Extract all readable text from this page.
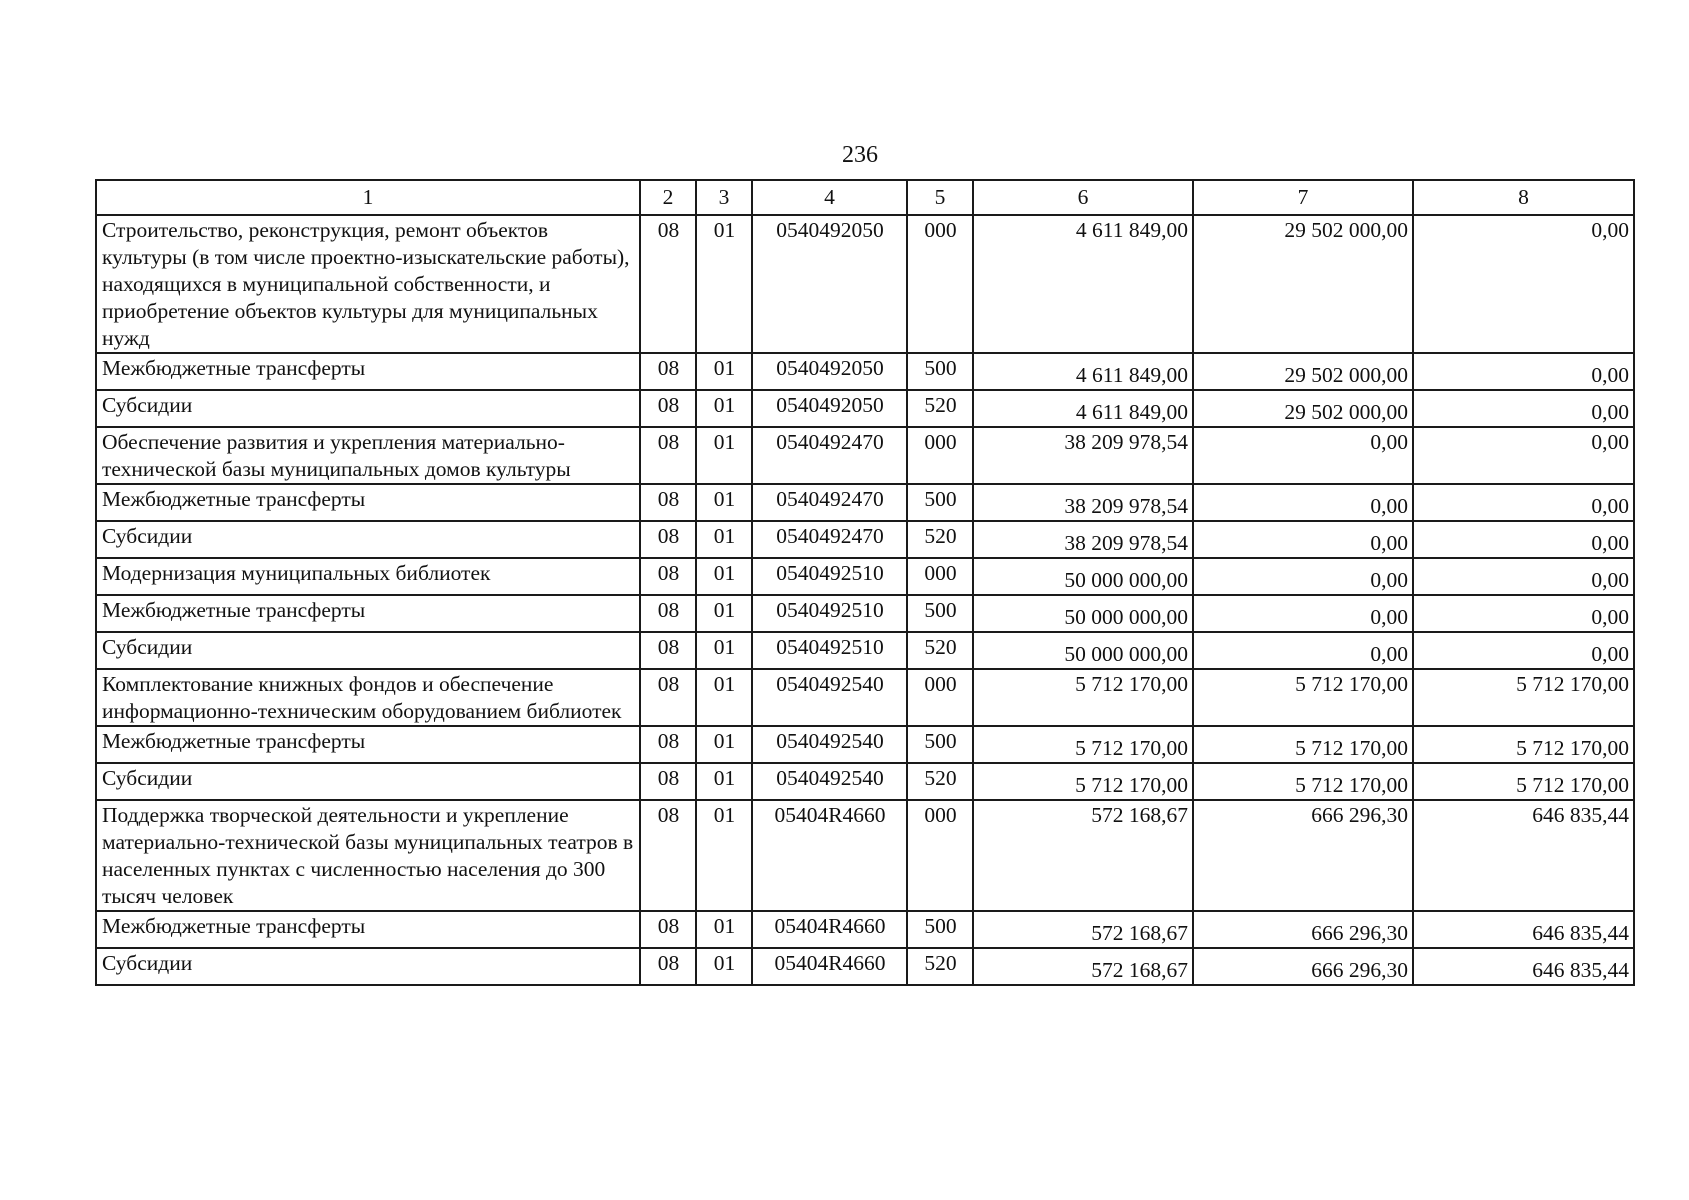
236
1	2	3	4	5	6	7	8
Строительство, реконструкция, ремонт объектов культуры (в том числе проектно-изыскательские работы), находящихся в муниципальной собственности, и приобретение объектов культуры для муниципальных нужд	08	01	0540492050	000	4 611 849,00	29 502 000,00	0,00
Межбюджетные трансферты	08	01	0540492050	500	4 611 849,00	29 502 000,00	0,00
Субсидии	08	01	0540492050	520	4 611 849,00	29 502 000,00	0,00
Обеспечение развития и укрепления материально-технической базы муниципальных домов культуры	08	01	0540492470	000	38 209 978,54	0,00	0,00
Межбюджетные трансферты	08	01	0540492470	500	38 209 978,54	0,00	0,00
Субсидии	08	01	0540492470	520	38 209 978,54	0,00	0,00
Модернизация муниципальных библиотек	08	01	0540492510	000	50 000 000,00	0,00	0,00
Межбюджетные трансферты	08	01	0540492510	500	50 000 000,00	0,00	0,00
Субсидии	08	01	0540492510	520	50 000 000,00	0,00	0,00
Комплектование книжных фондов и обеспечение информационно-техническим оборудованием библиотек	08	01	0540492540	000	5 712 170,00	5 712 170,00	5 712 170,00
Межбюджетные трансферты	08	01	0540492540	500	5 712 170,00	5 712 170,00	5 712 170,00
Субсидии	08	01	0540492540	520	5 712 170,00	5 712 170,00	5 712 170,00
Поддержка творческой деятельности и укрепление материально-технической базы муниципальных театров в населенных пунктах с численностью населения до 300 тысяч человек	08	01	05404R4660	000	572 168,67	666 296,30	646 835,44
Межбюджетные трансферты	08	01	05404R4660	500	572 168,67	666 296,30	646 835,44
Субсидии	08	01	05404R4660	520	572 168,67	666 296,30	646 835,44
